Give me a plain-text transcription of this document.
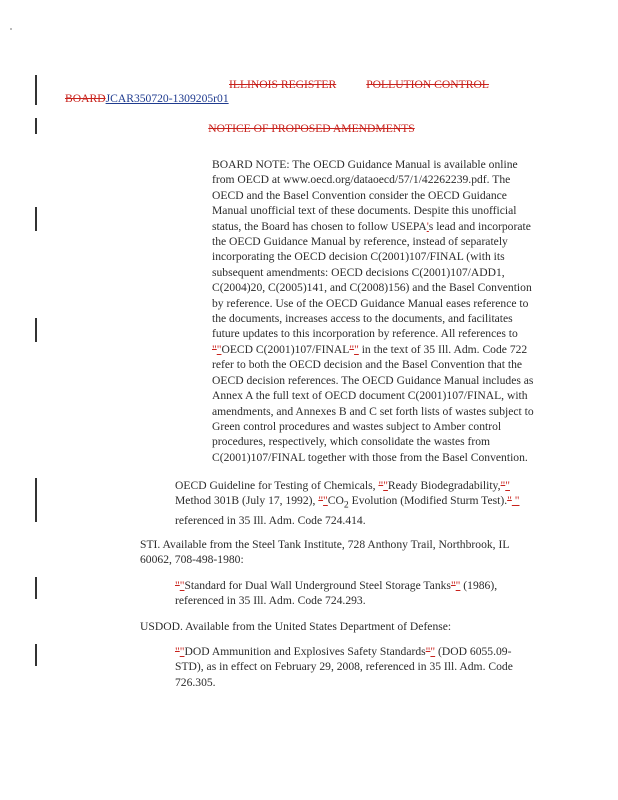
ILLINOIS REGISTER	POLLUTION CONTROL
BOARDJCAR350720-1309205r01
NOTICE OF PROPOSED AMENDMENTS
BOARD NOTE: The OECD Guidance Manual is available online from OECD at www.oecd.org/dataoecd/57/1/42262239.pdf. The OECD and the Basel Convention consider the OECD Guidance Manual unofficial text of these documents. Despite this unofficial status, the Board has chosen to follow USEPA's lead and incorporate the OECD Guidance Manual by reference, instead of separately incorporating the OECD decision C(2001)107/FINAL (with its subsequent amendments: OECD decisions C(2001)107/ADD1, C(2004)20, C(2005)141, and C(2008)156) and the Basel Convention by reference. Use of the OECD Guidance Manual eases reference to the documents, increases access to the documents, and facilitates future updates to this incorporation by reference. All references to ""OECD C(2001)107/FINAL"" in the text of 35 Ill. Adm. Code 722 refer to both the OECD decision and the Basel Convention that the OECD decision references. The OECD Guidance Manual includes as Annex A the full text of OECD document C(2001)107/FINAL, with amendments, and Annexes B and C set forth lists of wastes subject to Green control procedures and wastes subject to Amber control procedures, respectively, which consolidate the wastes from C(2001)107/FINAL together with those from the Basel Convention.
OECD Guideline for Testing of Chemicals, ""Ready Biodegradability,"" Method 301B (July 17, 1992), ""$CO_2$ Evolution (Modified Sturm Test)." " referenced in 35 Ill. Adm. Code 724.414.
STI. Available from the Steel Tank Institute, 728 Anthony Trail, Northbrook, IL 60062, 708-498-1980:
""Standard for Dual Wall Underground Steel Storage Tanks"" (1986), referenced in 35 Ill. Adm. Code 724.293.
USDOD. Available from the United States Department of Defense:
""DOD Ammunition and Explosives Safety Standards"" (DOD 6055.09-STD), as in effect on February 29, 2008, referenced in 35 Ill. Adm. Code 726.305.
